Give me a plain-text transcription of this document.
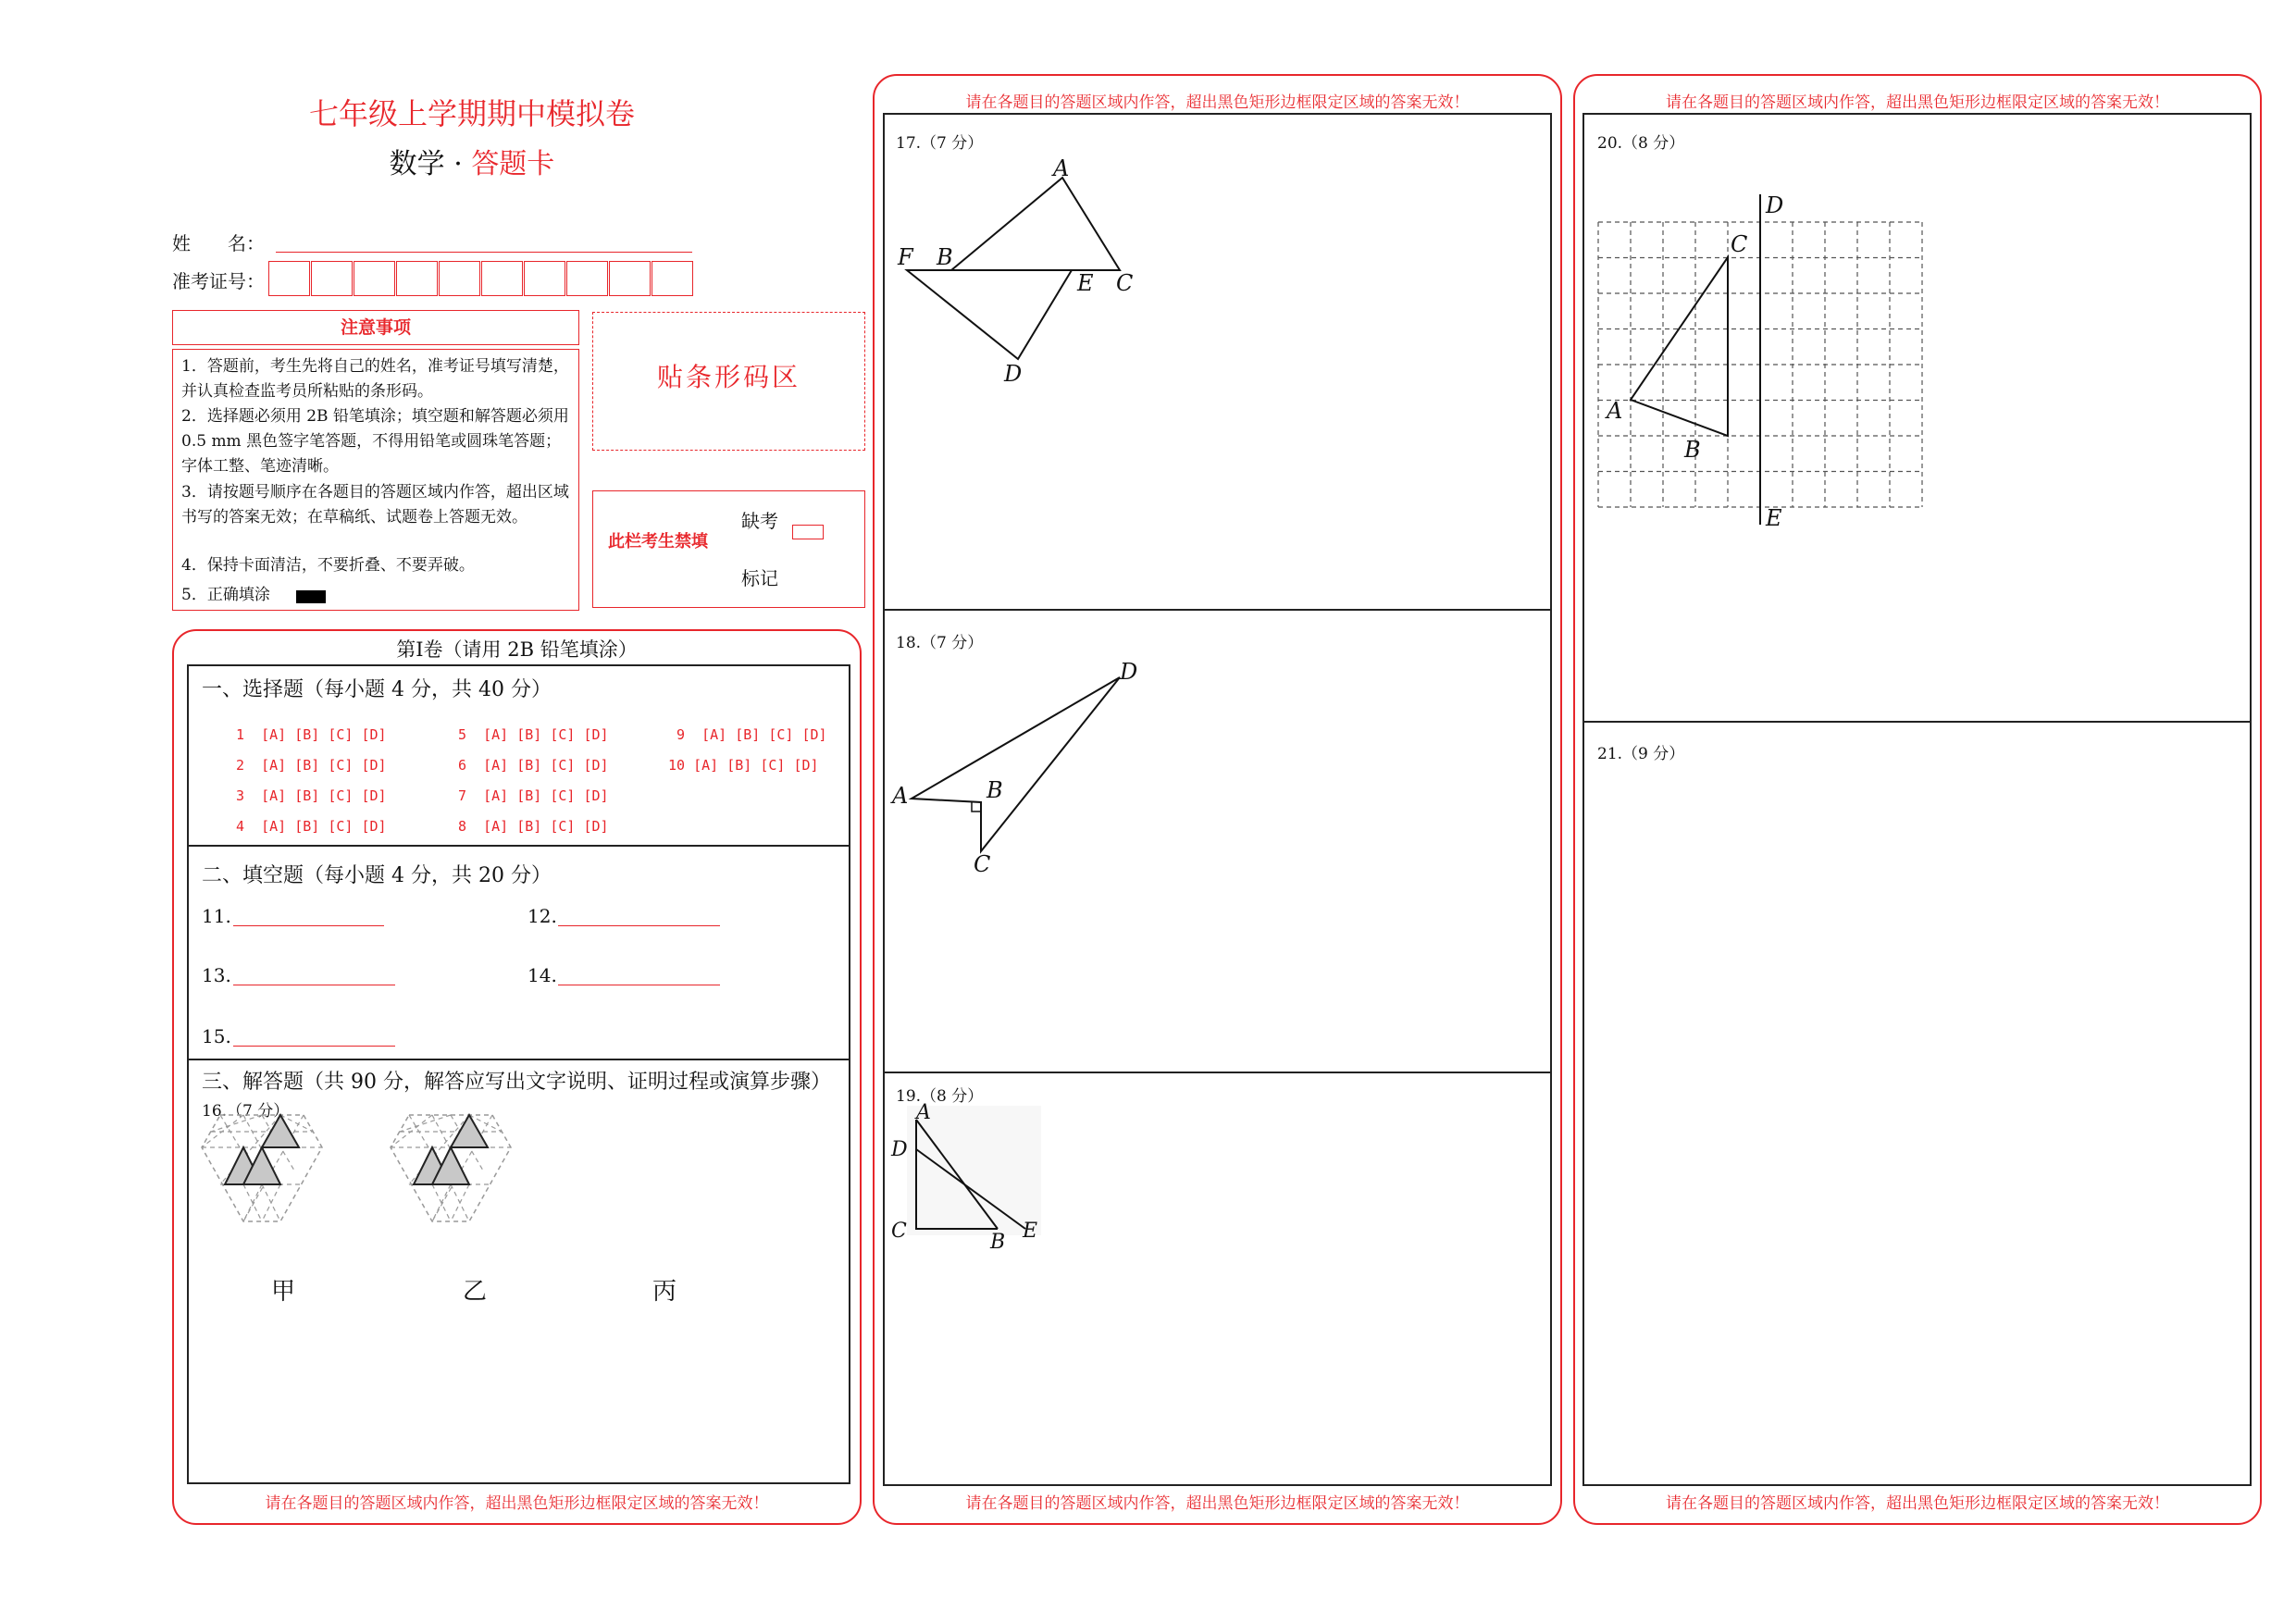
七年级上学期期中模拟卷
数学 · 答题卡
姓　　名：
准考证号：
注意事项
1．答题前，考生先将自己的姓名，准考证号填写清楚，并认真检查监考员所粘贴的条形码。
2．选择题必须用 2B 铅笔填涂；填空题和解答题必须用 0.5 mm 黑色签字笔答题，不得用铅笔或圆珠笔答题；字体工整、笔迹清晰。
3．请按题号顺序在各题目的答题区域内作答，超出区域书写的答案无效；在草稿纸、试题卷上答题无效。
4．保持卡面清洁，不要折叠、不要弄破。
5．正确填涂
贴条形码区
此栏考生禁填
缺考
标记
第Ⅰ卷（请用 2B 铅笔填涂）
一、选择题（每小题 4 分，共 40 分）
1  [A] [B] [C] [D]
2  [A] [B] [C] [D]
3  [A] [B] [C] [D]
4  [A] [B] [C] [D]
5  [A] [B] [C] [D]
6  [A] [B] [C] [D]
7  [A] [B] [C] [D]
8  [A] [B] [C] [D]
9  [A] [B] [C] [D]
10 [A] [B] [C] [D]
二、填空题（每小题 4 分，共 20 分）
11.	12.
13.	14.
15.
三、解答题（共 90 分，解答应写出文字说明、证明过程或演算步骤）
16.（7 分）
甲	乙	丙
请在各题目的答题区域内作答，超出黑色矩形边框限定区域的答案无效！
请在各题目的答题区域内作答，超出黑色矩形边框限定区域的答案无效！
17.（7 分）
A
F B
E C
D
18.（7 分）
D
A	B
C
19.（8 分）
A
D
C	B E
请在各题目的答题区域内作答，超出黑色矩形边框限定区域的答案无效！
请在各题目的答题区域内作答，超出黑色矩形边框限定区域的答案无效！
20.（8 分）
D
C
A
B
E
21.（9 分）
请在各题目的答题区域内作答，超出黑色矩形边框限定区域的答案无效！
